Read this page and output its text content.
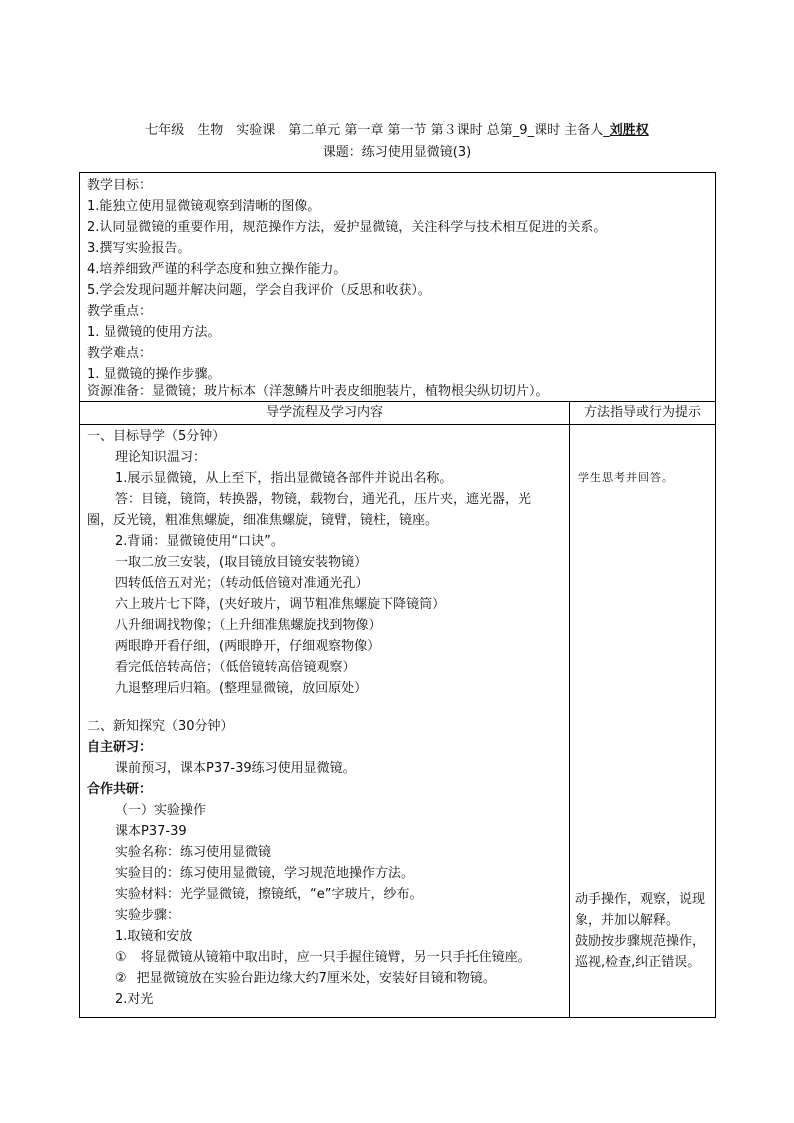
七年级　生物　实验课　第二单元 第一章 第一节 第３课时 总第_9_课时 主备人_刘胜权
课题：练习使用显微镜(3)
教学目标：
1.能独立使用显微镜观察到清晰的图像。
2.认同显微镜的重要作用，规范操作方法，爱护显微镜，关注科学与技术相互促进的关系。
3.撰写实验报告。
4.培养细致严谨的科学态度和独立操作能力。
5.学会发现问题并解决问题，学会自我评价（反思和收获）。
教学重点：
1. 显微镜的使用方法。
教学难点：
1. 显微镜的操作步骤。
资源准备：显微镜；玻片标本（洋葱鳞片叶表皮细胞装片，植物根尖纵切切片）。
导学流程及学习内容	方法指导或行为提示
一、目标导学（5分钟）
理论知识温习：
1.展示显微镜，从上至下，指出显微镜各部件并说出名称。
答：目镜，镜筒，转换器，物镜，载物台，通光孔，压片夹，遮光器，光
圈，反光镜，粗准焦螺旋，细准焦螺旋，镜臂，镜柱，镜座。
2.背诵：显微镜使用“口诀”。
一取二放三安装，(取目镜放目镜安装物镜）
四转低倍五对光；（转动低倍镜对准通光孔）
六上玻片七下降，(夹好玻片，调节粗准焦螺旋下降镜筒）
八升细调找物像；（上升细准焦螺旋找到物像）
两眼睁开看仔细，(两眼睁开，仔细观察物像）
看完低倍转高倍；（低倍镜转高倍镜观察）
九退整理后归箱。(整理显微镜，放回原处）
二、新知探究（30分钟）
自主研习：
课前预习，课本P37-39练习使用显微镜。
合作共研：
（一）实验操作
课本P37-39
实验名称：练习使用显微镜
实验目的：练习使用显微镜，学习规范地操作方法。
实验材料：光学显微镜，擦镜纸，“e”字玻片，纱布。
实验步骤：
1.取镜和安放
① 将显微镜从镜箱中取出时，应一只手握住镜臂，另一只手托住镜座。
② 把显微镜放在实验台距边缘大约7厘米处，安装好目镜和物镜。
2.对光
学生思考并回答。
动手操作，观察，说现
象，并加以解释。
鼓励按步骤规范操作，
巡视,检查,纠正错误。
